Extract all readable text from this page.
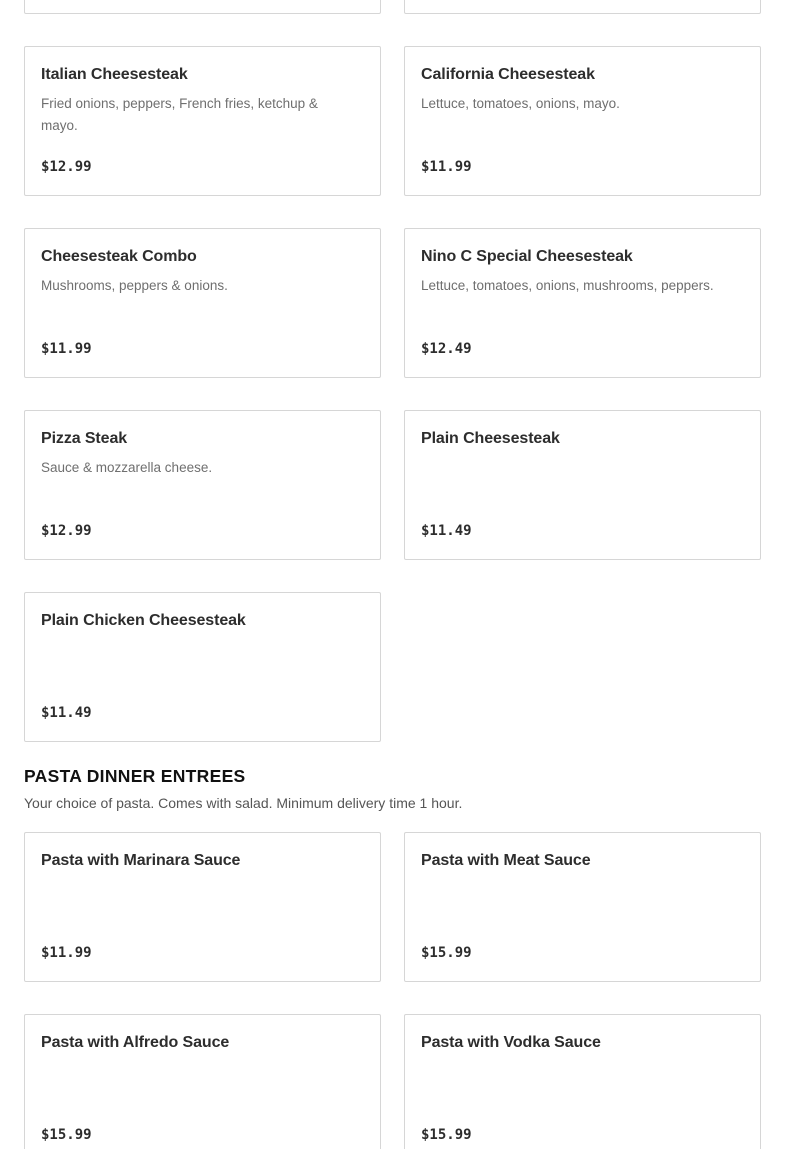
Italian Cheesesteak
Fried onions, peppers, French fries, ketchup & mayo.
$12.99
California Cheesesteak
Lettuce, tomatoes, onions, mayo.
$11.99
Cheesesteak Combo
Mushrooms, peppers & onions.
$11.99
Nino C Special Cheesesteak
Lettuce, tomatoes, onions, mushrooms, peppers.
$12.49
Pizza Steak
Sauce & mozzarella cheese.
$12.99
Plain Cheesesteak
$11.49
Plain Chicken Cheesesteak
$11.49
PASTA DINNER ENTREES

Your choice of pasta. Comes with salad. Minimum delivery time 1 hour.

Pasta with Marinara Sauce
$11.99
Pasta with Meat Sauce
$15.99
Pasta with Alfredo Sauce
$15.99
Pasta with Vodka Sauce
$15.99
